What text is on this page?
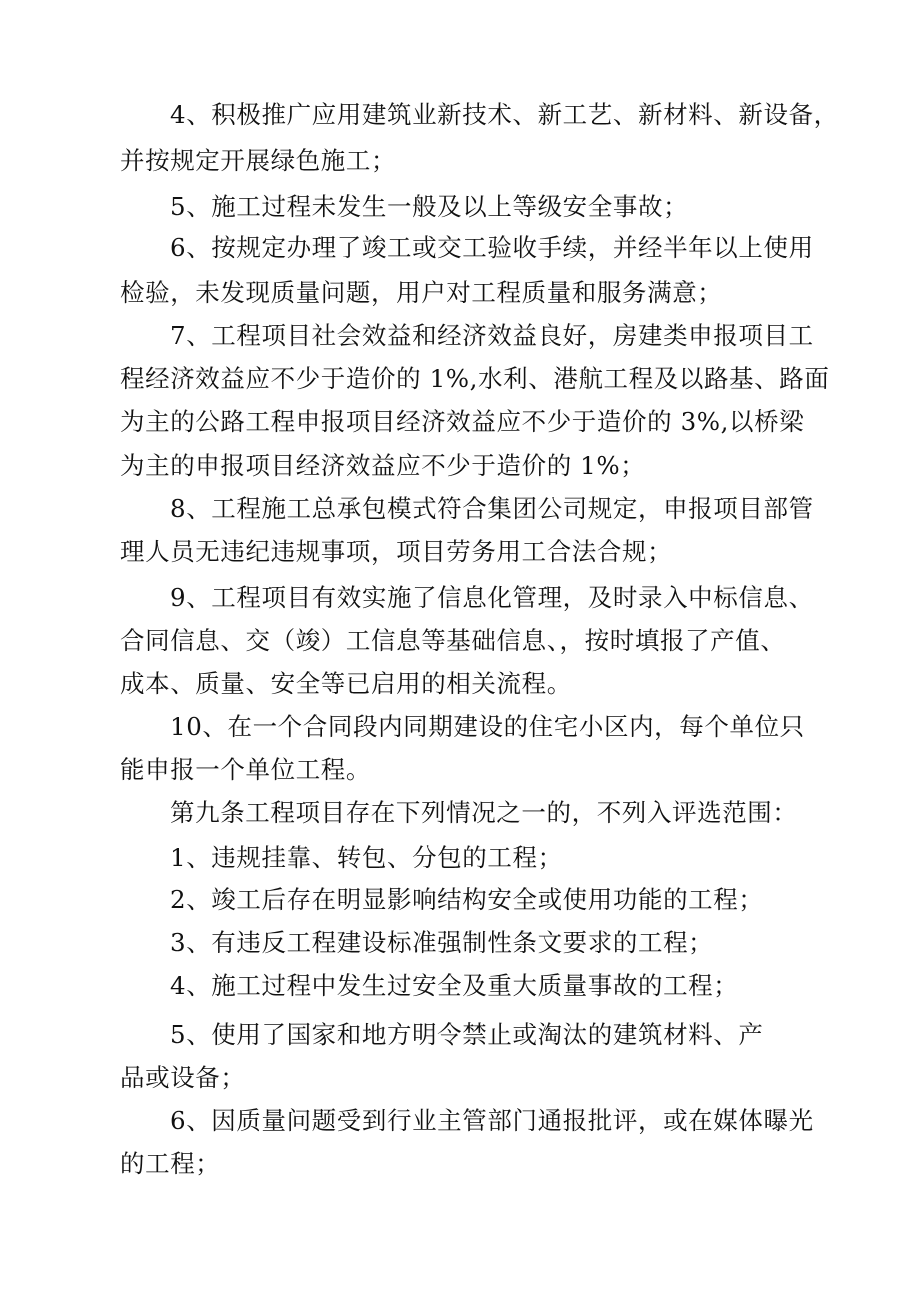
4、积极推广应用建筑业新技术、新工艺、新材料、新设备，
并按规定开展绿色施工；
5、施工过程未发生一般及以上等级安全事故；
6、按规定办理了竣工或交工验收手续，并经半年以上使用
检验，未发现质量问题，用户对工程质量和服务满意；
7、工程项目社会效益和经济效益良好，房建类申报项目工
程经济效益应不少于造价的 1%,水利、港航工程及以路基、路面
为主的公路工程申报项目经济效益应不少于造价的 3%,以桥梁
为主的申报项目经济效益应不少于造价的 1%；
8、工程施工总承包模式符合集团公司规定，申报项目部管
理人员无违纪违规事项，项目劳务用工合法合规；
9、工程项目有效实施了信息化管理，及时录入中标信息、
合同信息、交（竣）工信息等基础信息、，按时填报了产值、
成本、质量、安全等已启用的相关流程。
10、在一个合同段内同期建设的住宅小区内，每个单位只
能申报一个单位工程。
第九条工程项目存在下列情况之一的，不列入评选范围：
1、违规挂靠、转包、分包的工程；
2、竣工后存在明显影响结构安全或使用功能的工程；
3、有违反工程建设标准强制性条文要求的工程；
4、施工过程中发生过安全及重大质量事故的工程；
5、使用了国家和地方明令禁止或淘汰的建筑材料、产
品或设备；
6、因质量问题受到行业主管部门通报批评，或在媒体曝光
的工程；
